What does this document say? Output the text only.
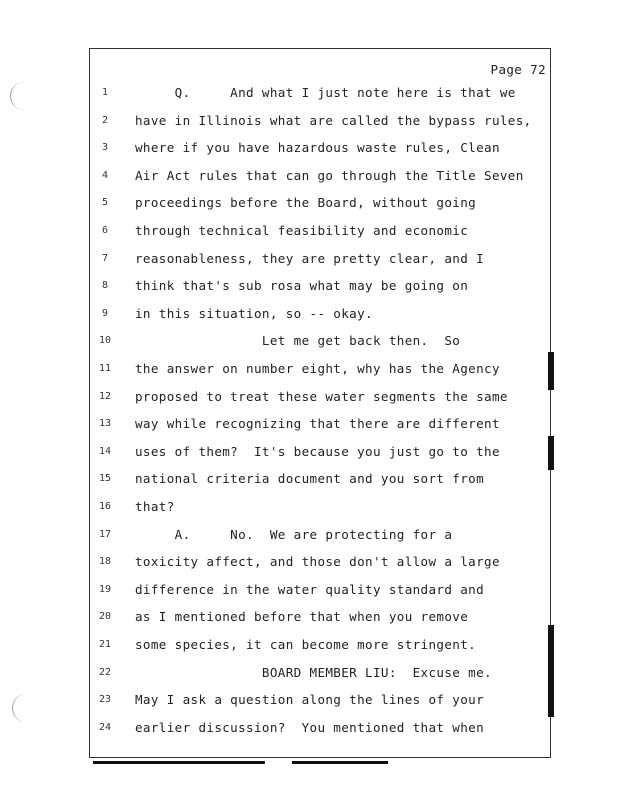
Page 72
1	Q.     And what I just note here is that we
2	have in Illinois what are called the bypass rules,
3	where if you have hazardous waste rules, Clean
4	Air Act rules that can go through the Title Seven
5	proceedings before the Board, without going
6	through technical feasibility and economic
7	reasonableness, they are pretty clear, and I
8	think that's sub rosa what may be going on
9	in this situation, so -- okay.
10 Let me get back then.  So
11 the answer on number eight, why has the Agency
12 proposed to treat these water segments the same
13 way while recognizing that there are different
14 uses of them?  It's because you just go to the
15 national criteria document and you sort from
16 that?
17 A.     No.  We are protecting for a
18 toxicity affect, and those don't allow a large
19 difference in the water quality standard and
20 as I mentioned before that when you remove
21 some species, it can become more stringent.
22 BOARD MEMBER LIU:  Excuse me.
23 May I ask a question along the lines of your
24 earlier discussion?  You mentioned that when
